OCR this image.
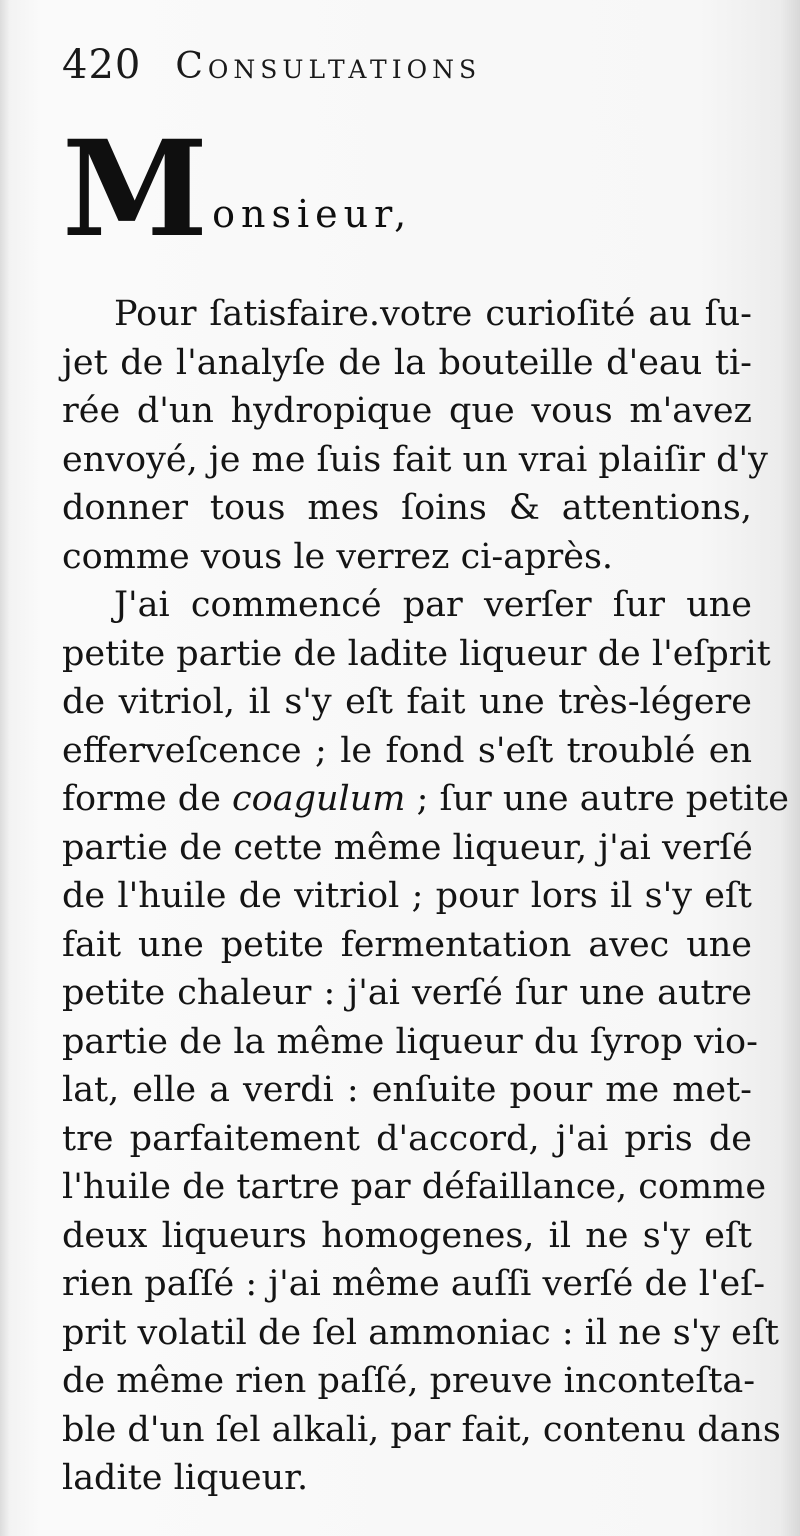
420 Consultations
M onsieur,
Pour ſatisfaire.votre curioſité au ſu-
jet de l'analyſe de la bouteille d'eau ti-
rée d'un hydropique que vous m'avez
envoyé, je me ſuis fait un vrai plaiſir d'y
donner tous mes ſoins & attentions,
comme vous le verrez ci-après.
J'ai commencé par verſer ſur une
petite partie de ladite liqueur de l'eſprit
de vitriol, il s'y eſt fait une très-légere
efferveſcence ; le fond s'eſt troublé en
forme de coagulum ; ſur une autre petite
partie de cette même liqueur, j'ai verſé
de l'huile de vitriol ; pour lors il s'y eſt
fait une petite fermentation avec une
petite chaleur : j'ai verſé ſur une autre
partie de la même liqueur du ſyrop vio-
lat, elle a verdi : enſuite pour me met-
tre parfaitement d'accord, j'ai pris de
l'huile de tartre par défaillance, comme
deux liqueurs homogenes, il ne s'y eſt
rien paſſé : j'ai même auſſi verſé de l'eſ-
prit volatil de ſel ammoniac : il ne s'y eſt
de même rien paſſé, preuve inconteſta-
ble d'un ſel alkali, par fait, contenu dans
ladite liqueur.
